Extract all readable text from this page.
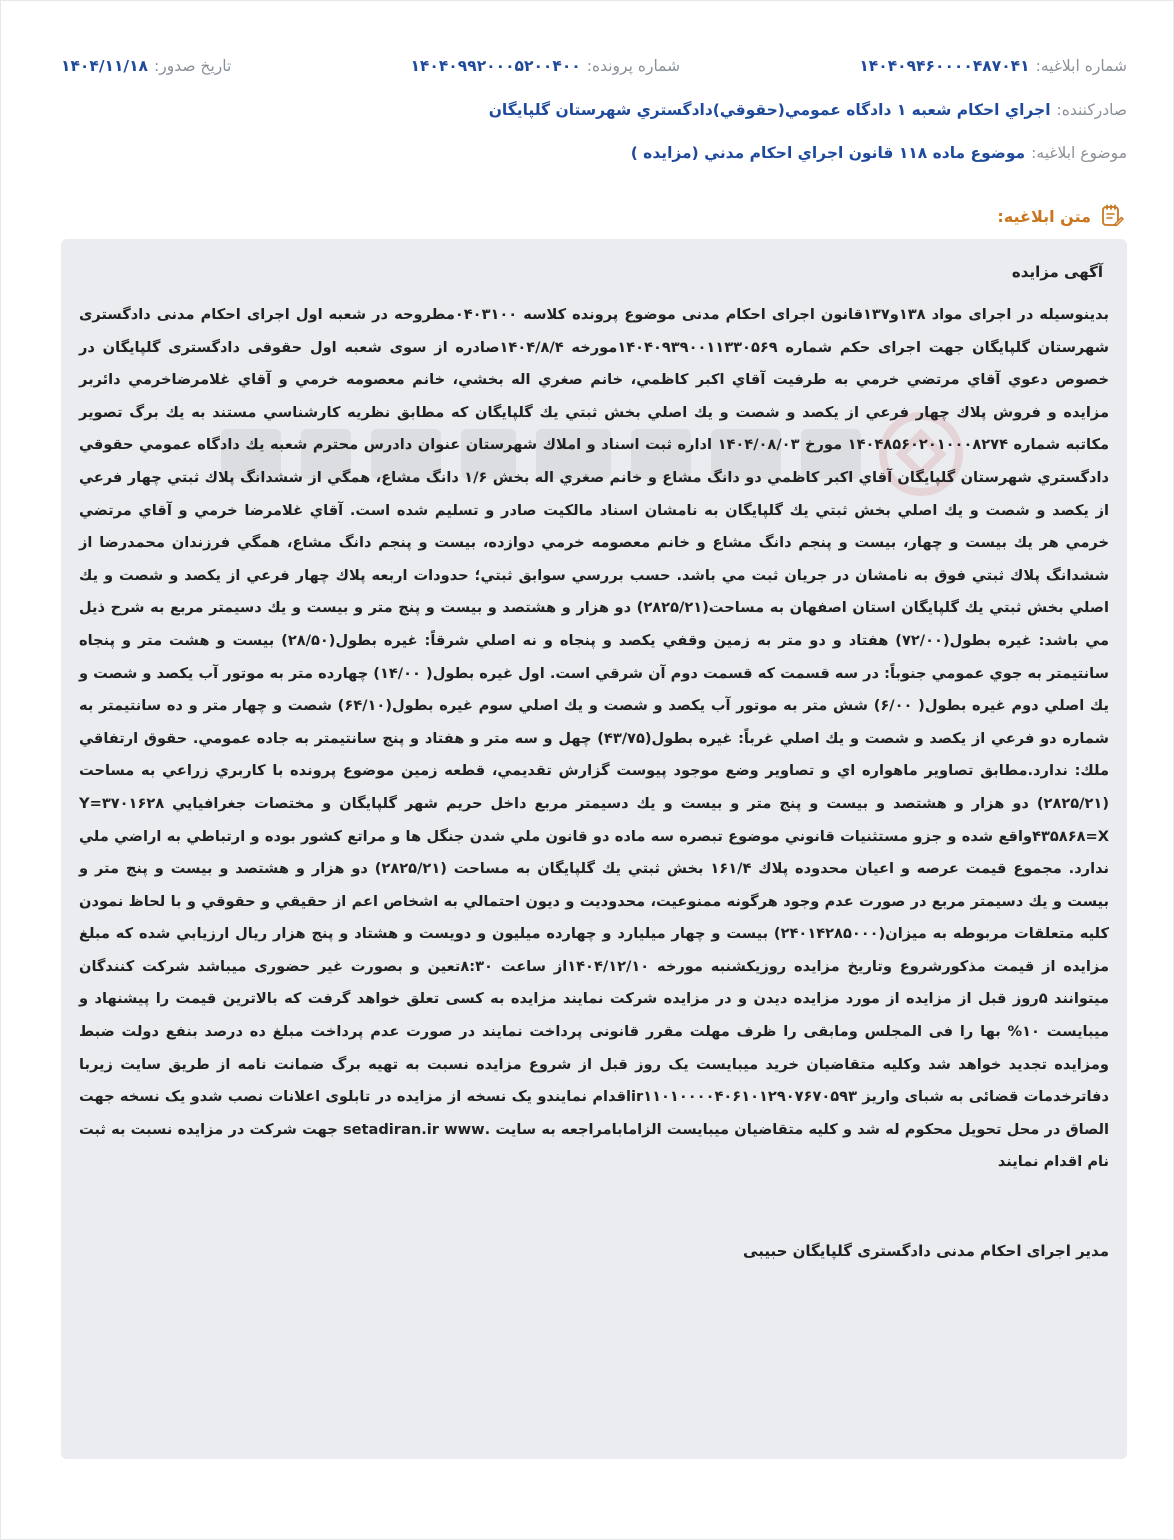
شماره ابلاغیه:
۱۴۰۴۰۹۴۶۰۰۰۰۴۸۷۰۴۱
شماره پرونده:
۱۴۰۴۰۹۹۲۰۰۰۵۲۰۰۴۰۰
تاریخ صدور:
۱۴۰۴/۱۱/۱۸
صادرکننده:
اجراي احکام شعبه ۱ دادگاه عمومي(حقوقي)دادگستري شهرستان گلپايگان
موضوع ابلاغیه:
موضوع ماده ۱۱۸ قانون اجراي احکام مدني (مزايده )
متن ابلاغیه:
آگهی مزایده

بدینوسیله در اجرای مواد ۱۳۸و۱۳۷قانون اجرای احکام مدنی موضوع پرونده کلاسه ۰۴۰۳۱۰۰مطروحه در شعبه اول اجرای احکام مدنی دادگستری شهرستان گلپایگان جهت اجرای حکم شماره ۱۴۰۴۰۹۳۹۰۰۱۱۳۳۰۵۶۹مورخه ۱۴۰۴/۸/۴صادره از سوی شعبه اول حقوقی دادگستری گلپایگان در خصوص دعوي آقاي مرتضي خرمي به طرفيت آقاي اكبر كاظمي، خانم صغري اله بخشي، خانم معصومه خرمي و آقاي غلامرضاخرمي دائربر مزايده و فروش پلاك چهار فرعي از يكصد و شصت و يك اصلي بخش ثبتي يك گلپايگان كه مطابق نظريه كارشناسي مستند به يك برگ تصوير مكاتبه شماره ۱۴۰۴۸۵۶۰۲۰۱۰۰۰۸۲۷۴ مورخ ۱۴۰۴/۰۸/۰۳ اداره ثبت اسناد و املاك شهرستان عنوان دادرس محترم شعبه يك دادگاه عمومي حقوقي دادگستري شهرستان گلپايگان آقاي اكبر كاظمي دو دانگ مشاع و خانم صغري اله بخش ۱/۶ دانگ مشاع، همگي از ششدانگ پلاك ثبتي چهار فرعي از يكصد و شصت و يك اصلي بخش ثبتي يك گلپايگان به نامشان اسناد مالكيت صادر و تسليم شده است. آقاي غلامرضا خرمي و آقاي مرتضي خرمي هر يك بيست و چهار، بيست و پنجم دانگ مشاع و خانم معصومه خرمي دوازده، بيست و پنجم دانگ مشاع، همگي فرزندان محمدرضا از ششدانگ پلاك ثبتي فوق به نامشان در جريان ثبت مي باشد. حسب بررسي سوابق ثبتي؛ حدودات اربعه پلاك چهار فرعي از يكصد و شصت و يك اصلي بخش ثبتي يك گلپايگان استان اصفهان به مساحت(۲۸۲۵/۲۱) دو هزار و هشتصد و بيست و پنج متر و بيست و يك دسيمتر مربع به شرح ذيل مي باشد: غيره بطول(۷۲/۰۰) هفتاد و دو متر به زمين وقفي يكصد و پنجاه و نه اصلي شرقاً: غيره بطول(۲۸/۵۰) بيست و هشت متر و پنجاه سانتيمتر به جوي عمومي جنوباً: در سه قسمت كه قسمت دوم آن شرقي است. اول غيره بطول( ۱۴/۰۰) چهارده متر به موتور آب يكصد و شصت و يك اصلي دوم غيره بطول( ۶/۰۰) شش متر به موتور آب يكصد و شصت و يك اصلي سوم غيره بطول(۶۴/۱۰) شصت و چهار متر و ده سانتيمتر به شماره دو فرعي از يكصد و شصت و يك اصلي غرباً: غيره بطول(۴۳/۷۵) چهل و سه متر و هفتاد و پنج سانتيمتر به جاده عمومي. حقوق ارتفاقي ملك: ندارد.مطابق تصاوير ماهواره اي و تصاوير وضع موجود پيوست گزارش تقديمي، قطعه زمين موضوع پرونده با كاربري زراعي به مساحت (۲۸۲۵/۲۱) دو هزار و هشتصد و بيست و پنج متر و بيست و يك دسيمتر مربع داخل حريم شهر گلپايگان و مختصات جغرافيايي ۳۷۰۱۶۲۸=Y ۴۳۵۸۶۸=Xواقع شده و جزو مستثنيات قانوني موضوع تبصره سه ماده دو قانون ملي شدن جنگل ها و مراتع كشور بوده و ارتباطي به اراضي ملي ندارد. مجموع قيمت عرصه و اعيان محدوده پلاك ۱۶۱/۴ بخش ثبتي يك گلپايگان به مساحت (۲۸۲۵/۲۱) دو هزار و هشتصد و بيست و پنج متر و بيست و يك دسيمتر مربع در صورت عدم وجود هرگونه ممنوعيت، محدوديت و ديون احتمالي به اشخاص اعم از حقيقي و حقوقي و با لحاظ نمودن كليه متعلقات مربوطه به ميزان(۲۴۰۱۴۲۸۵۰۰۰) بيست و چهار ميليارد و چهارده ميليون و دويست و هشتاد و پنج هزار ريال ارزيابي شده كه مبلغ مزايده از قيمت مذكورشروع وتاريخ مزايده روزيکشنبه مورخه ۱۴۰۴/۱۲/۱۰از ساعت ۸:۳۰تعين و بصورت غیر حضوری میباشد شرکت کنندگان میتوانند ۵روز قبل از مزایده از مورد مزایده دیدن و در مزایده شرکت نمایند مزایده به کسی تعلق خواهد گرفت که بالاترین قیمت را پیشنهاد و میبایست ۱۰% بها را فی المجلس ومابقی را ظرف مهلت مقرر قانونی پرداخت نمایند در صورت عدم پرداخت مبلغ ده درصد بنفع دولت ضبط ومزایده تجدید خواهد شد وکلیه متقاضیان خرید میبایست یک روز قبل از شروع مزایده نسبت به تهیه برگ ضمانت نامه از طریق سایت زیربا دفاترخدمات قضائی به شبای واریز ir۱۱۰۱۰۰۰۰۴۰۶۱۰۱۲۹۰۷۶۷۰۵۹۳اقدام نمایندو یک نسخه از مزایده در تابلوی اعلانات نصب شدو یک نسخه جهت الصاق در محل تحویل محکوم له شد و کلیه متقاضیان میبایست الزامابامراجعه به سایت .setadiran.ir www جهت شرکت در مزایده نسبت به ثبت نام اقدام نمایند

مدیر اجرای احکام مدنی دادگستری گلپایگان حبیبی
